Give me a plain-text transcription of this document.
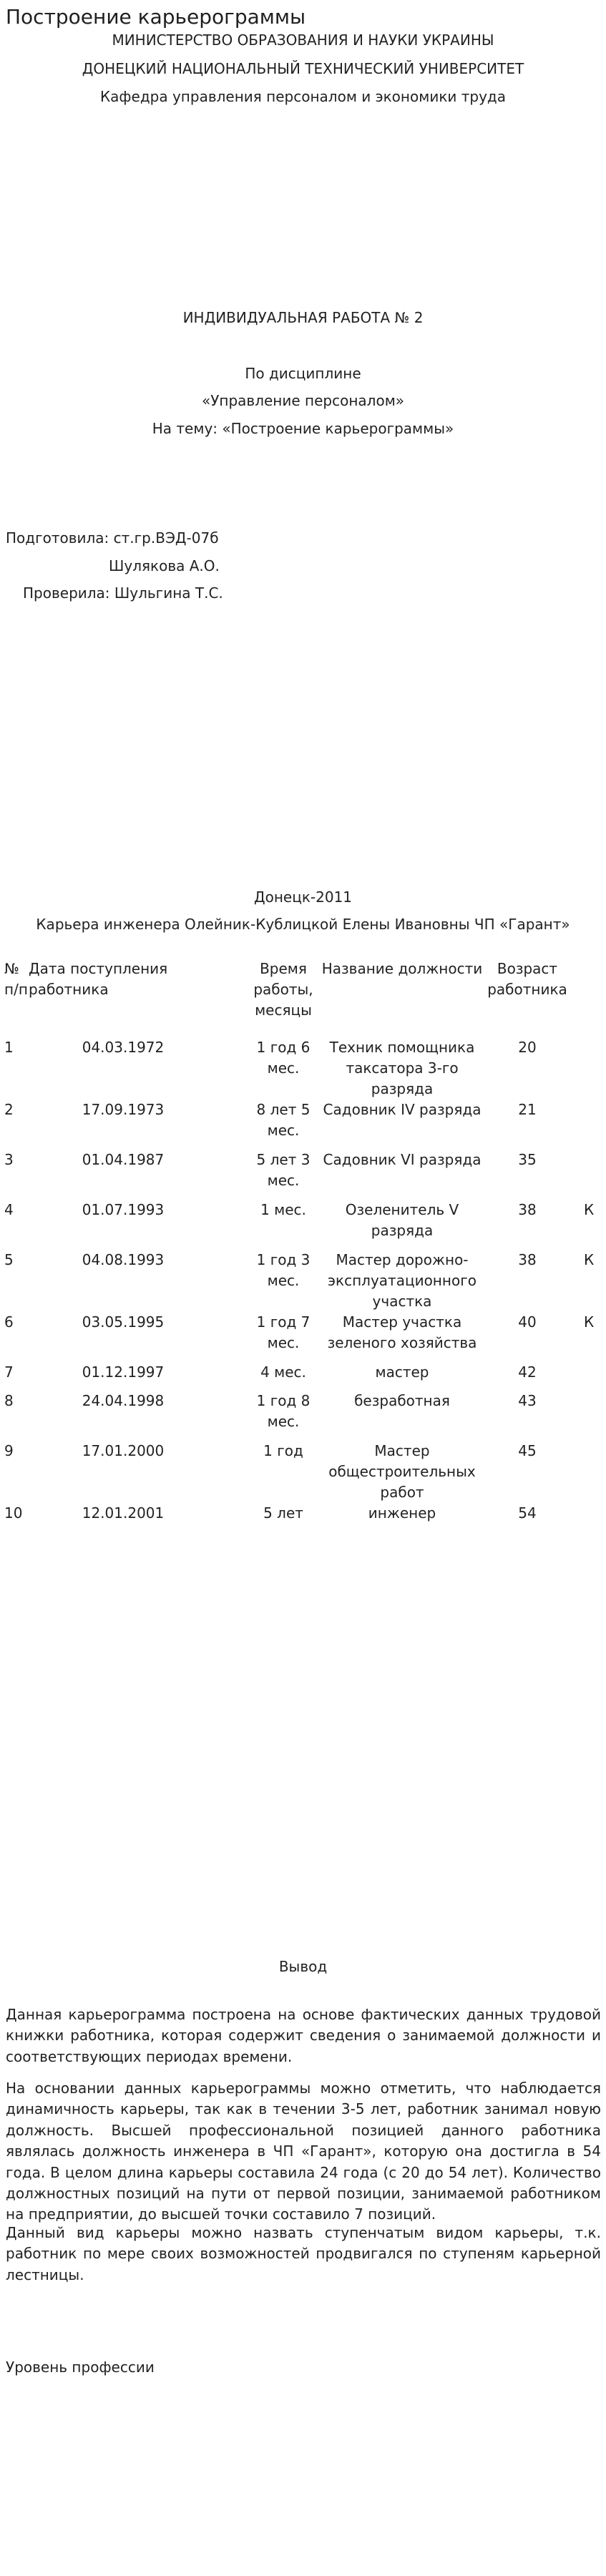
Построение карьерограммы
МИНИСТЕРСТВО ОБРАЗОВАНИЯ И НАУКИ УКРАИНЫ
ДОНЕЦКИЙ НАЦИОНАЛЬНЫЙ ТЕХНИЧЕСКИЙ УНИВЕРСИТЕТ
Кафедра управления персоналом и экономики труда
ИНДИВИДУАЛЬНАЯ РАБОТА № 2
По дисциплине
«Управление персоналом»
На тему: «Построение карьерограммы»
Подготовила: ст.гр.ВЭД-07б
Шулякова А.О.
Проверила: Шульгина Т.С.
Донецк-2011
Карьера инженера Олейник-Кублицкой Елены Ивановны ЧП «Гарант»
№ п/п	Дата поступления работника	Время работы, месяцы	Название должности	Возраст работника	
1	04.03.1972	1 год 6 мес.	Техник помощника таксатора 3-го разряда	20	
2	17.09.1973	8 лет 5 мес.	Садовник IV разряда	21	
3	01.04.1987	5 лет 3 мес.	Садовник VI разряда	35	
4	01.07.1993	1 мес.	Озеленитель V разряда	38	К
5	04.08.1993	1 год 3 мес.	Мастер дорожно-эксплуатационного участка	38	К
6	03.05.1995	1 год 7 мес.	Мастер участка зеленого хозяйства	40	К
7	01.12.1997	4 мес.	мастер	42	
8	24.04.1998	1 год 8 мес.	безработная	43	
9	17.01.2000	1 год	Мастер общестроительных работ	45	
10	12.01.2001	5 лет	инженер	54	
Вывод

Данная карьерограмма построена на основе фактических данных трудовой книжки работника, которая содержит сведения о занимаемой должности и соответствующих периодах времени.

На основании данных карьерограммы можно отметить, что наблюдается динамичность карьеры, так как в течении 3-5 лет, работник занимал новую должность. Высшей профессиональной позицией данного работника являлась должность инженера в ЧП «Гарант», которую она достигла в 54 года. В целом длина карьеры составила 24 года (с 20 до 54 лет). Количество должностных позиций на пути от первой позиции, занимаемой работником на предприятии, до высшей точки составило 7 позиций.

Данный вид карьеры можно назвать ступенчатым видом карьеры, т.к. работник по мере своих возможностей продвигался по ступеням карьерной лестницы.

Уровень профессии
